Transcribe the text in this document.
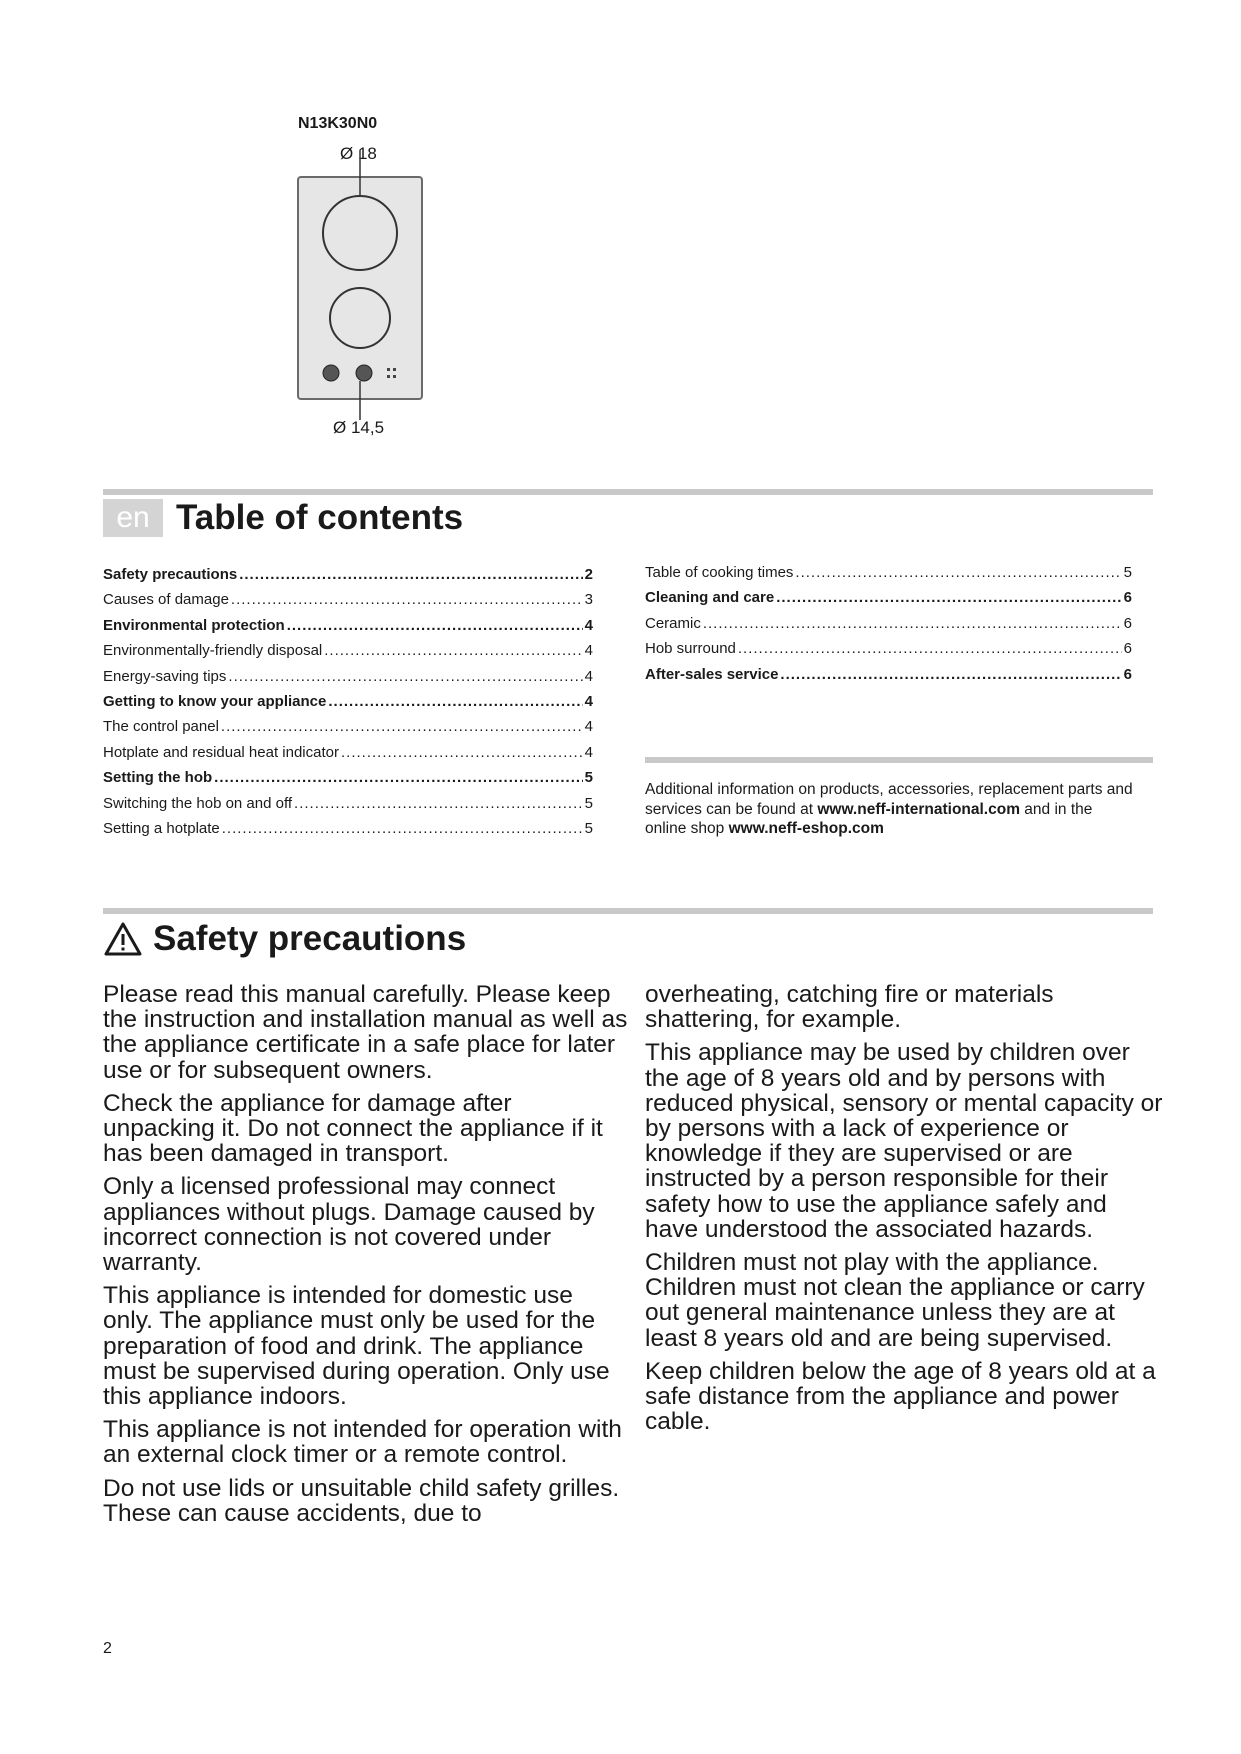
N13K30N0
Ø 18
Ø 14,5
en Table of contents
Safety precautions .....	2
Causes of damage .....	3
Environmental protection .....	4
Environmentally-friendly disposal .....	4
Energy-saving tips .....	4
Getting to know your appliance .....	4
The control panel .....	4
Hotplate and residual heat indicator .....	4
Setting the hob .....	5
Switching the hob on and off .....	5
Setting a hotplate .....	5
Table of cooking times .....	5
Cleaning and care .....	6
Ceramic .....	6
Hob surround .....	6
After-sales service .....	6
Additional information on products, accessories, replacement parts and services can be found at www.neff-international.com and in the online shop www.neff-eshop.com
Safety precautions

Please read this manual carefully. Please keep the instruction and installation manual as well as the appliance certificate in a safe place for later use or for subsequent owners.

Check the appliance for damage after unpacking it. Do not connect the appliance if it has been damaged in transport.

Only a licensed professional may connect appliances without plugs. Damage caused by incorrect connection is not covered under warranty.

This appliance is intended for domestic use only. The appliance must only be used for the preparation of food and drink. The appliance must be supervised during operation. Only use this appliance indoors.

This appliance is not intended for operation with an external clock timer or a remote control.

Do not use lids or unsuitable child safety grilles. These can cause accidents, due to

overheating, catching fire or materials shattering, for example.

This appliance may be used by children over the age of 8 years old and by persons with reduced physical, sensory or mental capacity or by persons with a lack of experience or knowledge if they are supervised or are instructed by a person responsible for their safety how to use the appliance safely and have understood the associated hazards.

Children must not play with the appliance. Children must not clean the appliance or carry out general maintenance unless they are at least 8 years old and are being supervised.

Keep children below the age of 8 years old at a safe distance from the appliance and power cable.

2
